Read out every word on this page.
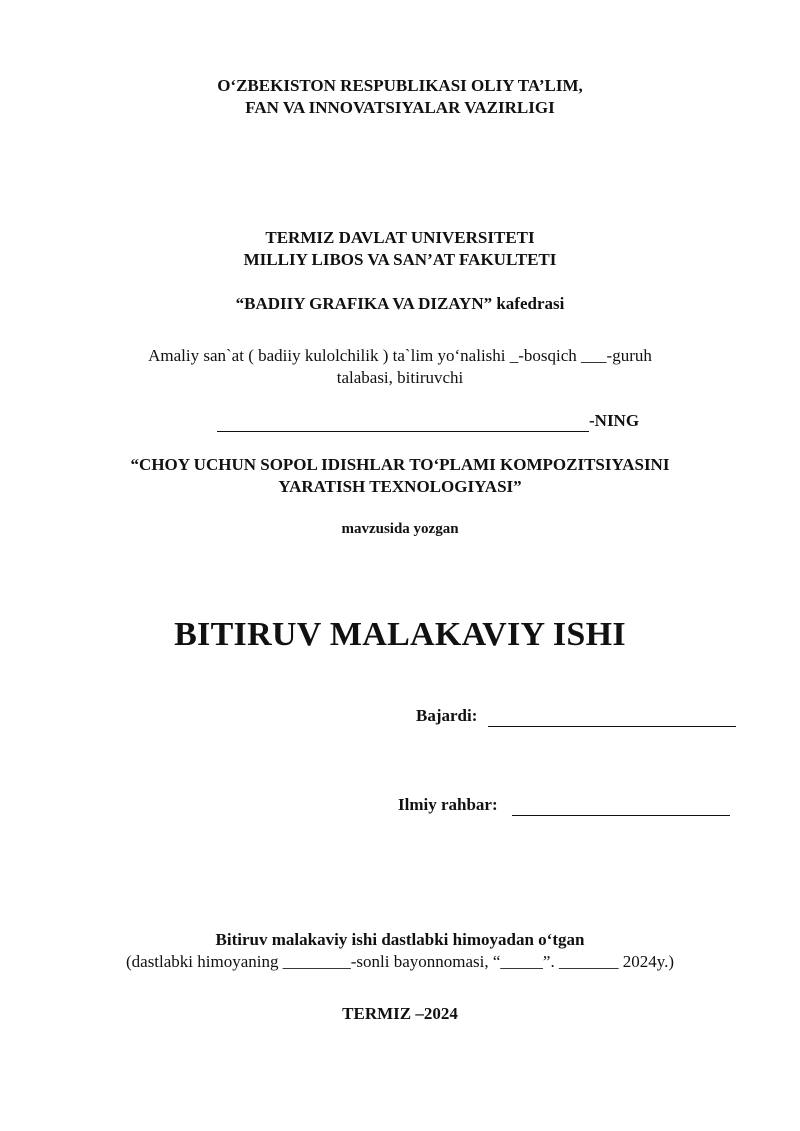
O‘ZBEKISTON RESPUBLIKASI OLIY TA’LIM,
FAN VA INNOVATSIYALAR VAZIRLIGI
TERMIZ DAVLAT UNIVERSITETI
MILLIY LIBOS VA SAN’AT FAKULTETI
“BADIIY GRAFIKA VA DIZAYN” kafedrasi
Amaliy san`at ( badiiy kulolchilik ) ta`lim yo‘nalishi _-bosqich ___-guruh
talabasi, bitiruvchi
-NING
“CHOY UCHUN SOPOL IDISHLAR TO‘PLAMI KOMPOZITSIYASINI
YARATISH TEXNOLOGIYASI”
mavzusida yozgan
BITIRUV MALAKAVIY ISHI
Bajardi:
Ilmiy rahbar:
Bitiruv malakaviy ishi dastlabki himoyadan o‘tgan
(dastlabki himoyaning ________-sonli bayonnomasi, “_____”. _______ 2024y.)
TERMIZ –2024
